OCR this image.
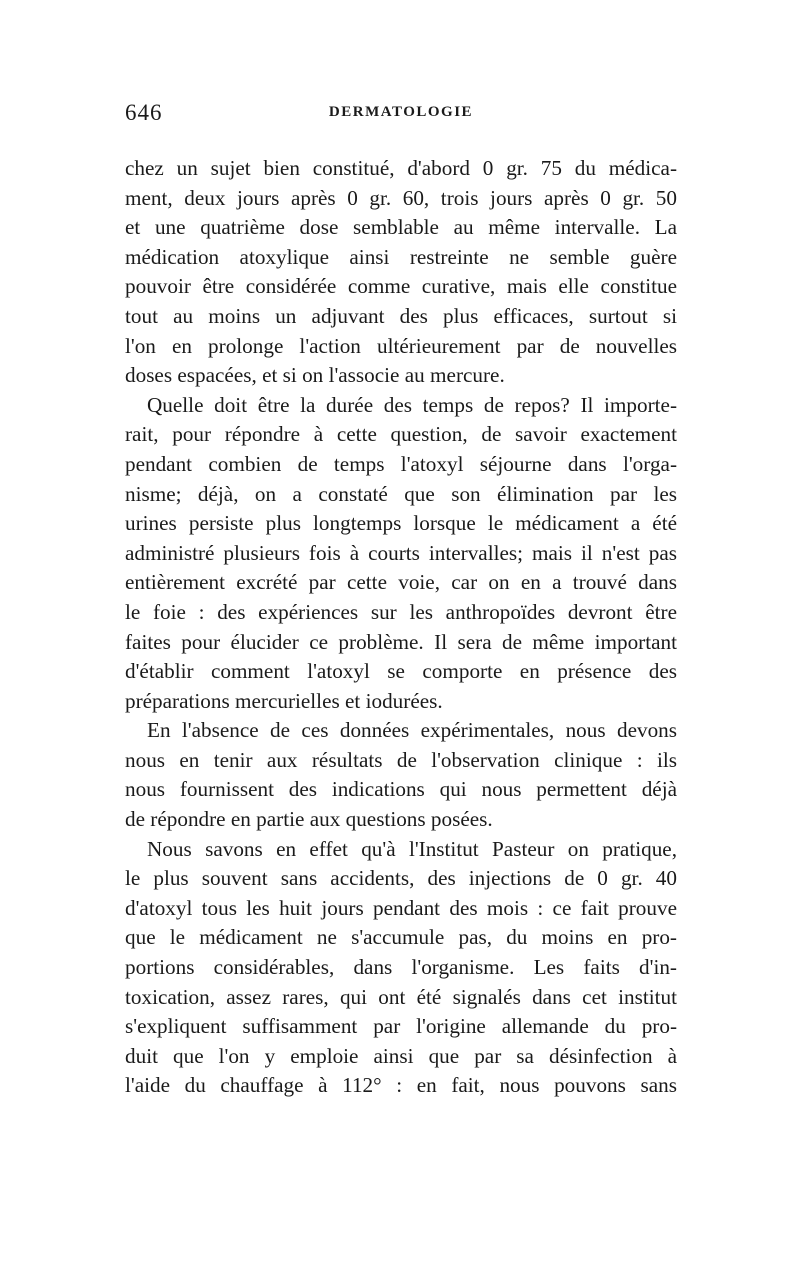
646	DERMATOLOGIE

chez un sujet bien constitué, d'abord 0 gr. 75 du médica-
ment, deux jours après 0 gr. 60, trois jours après 0 gr. 50
et une quatrième dose semblable au même intervalle. La
médication atoxylique ainsi restreinte ne semble guère
pouvoir être considérée comme curative, mais elle constitue
tout au moins un adjuvant des plus efficaces, surtout si
l'on en prolonge l'action ultérieurement par de nouvelles
doses espacées, et si on l'associe au mercure.

Quelle doit être la durée des temps de repos? Il importe-
rait, pour répondre à cette question, de savoir exactement
pendant combien de temps l'atoxyl séjourne dans l'orga-
nisme; déjà, on a constaté que son élimination par les
urines persiste plus longtemps lorsque le médicament a été
administré plusieurs fois à courts intervalles; mais il n'est pas
entièrement excrété par cette voie, car on en a trouvé dans
le foie : des expériences sur les anthropoïdes devront être
faites pour élucider ce problème. Il sera de même important
d'établir comment l'atoxyl se comporte en présence des
préparations mercurielles et iodurées.

En l'absence de ces données expérimentales, nous devons
nous en tenir aux résultats de l'observation clinique : ils
nous fournissent des indications qui nous permettent déjà
de répondre en partie aux questions posées.

Nous savons en effet qu'à l'Institut Pasteur on pratique,
le plus souvent sans accidents, des injections de 0 gr. 40
d'atoxyl tous les huit jours pendant des mois : ce fait prouve
que le médicament ne s'accumule pas, du moins en pro-
portions considérables, dans l'organisme. Les faits d'in-
toxication, assez rares, qui ont été signalés dans cet institut
s'expliquent suffisamment par l'origine allemande du pro-
duit que l'on y emploie ainsi que par sa désinfection à
l'aide du chauffage à 112° : en fait, nous pouvons sans
